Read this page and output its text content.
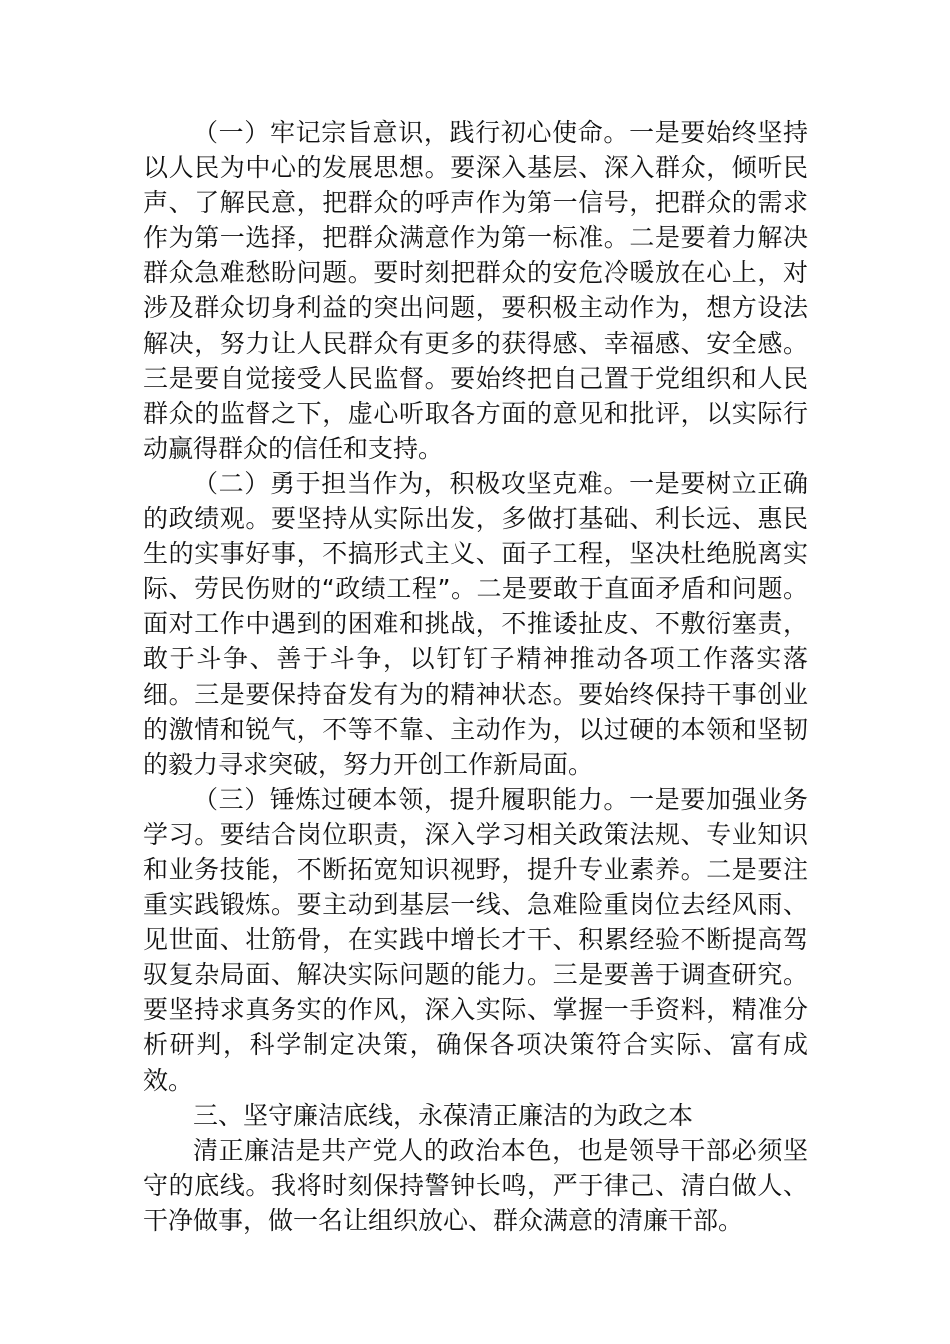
（一）牢记宗旨意识，践行初心使命。一是要始终坚持以人民为中心的发展思想。要深入基层、深入群众，倾听民声、了解民意，把群众的呼声作为第一信号，把群众的需求作为第一选择，把群众满意作为第一标准。二是要着力解决群众急难愁盼问题。要时刻把群众的安危冷暖放在心上，对涉及群众切身利益的突出问题，要积极主动作为，想方设法解决，努力让人民群众有更多的获得感、幸福感、安全感。三是要自觉接受人民监督。要始终把自己置于党组织和人民群众的监督之下，虚心听取各方面的意见和批评，以实际行动赢得群众的信任和支持。

（二）勇于担当作为，积极攻坚克难。一是要树立正确的政绩观。要坚持从实际出发，多做打基础、利长远、惠民生的实事好事，不搞形式主义、面子工程，坚决杜绝脱离实际、劳民伤财的“政绩工程”。二是要敢于直面矛盾和问题。面对工作中遇到的困难和挑战，不推诿扯皮、不敷衍塞责，敢于斗争、善于斗争，以钉钉子精神推动各项工作落实落细。三是要保持奋发有为的精神状态。要始终保持干事创业的激情和锐气，不等不靠、主动作为，以过硬的本领和坚韧的毅力寻求突破，努力开创工作新局面。

（三）锤炼过硬本领，提升履职能力。一是要加强业务学习。要结合岗位职责，深入学习相关政策法规、专业知识和业务技能，不断拓宽知识视野，提升专业素养。二是要注重实践锻炼。要主动到基层一线、急难险重岗位去经风雨、见世面、壮筋骨，在实践中增长才干、积累经验不断提高驾驭复杂局面、解决实际问题的能力。三是要善于调查研究。要坚持求真务实的作风，深入实际、掌握一手资料，精准分析研判，科学制定决策，确保各项决策符合实际、富有成效。

三、坚守廉洁底线，永葆清正廉洁的为政之本

清正廉洁是共产党人的政治本色，也是领导干部必须坚守的底线。我将时刻保持警钟长鸣，严于律己、清白做人、干净做事，做一名让组织放心、群众满意的清廉干部。
